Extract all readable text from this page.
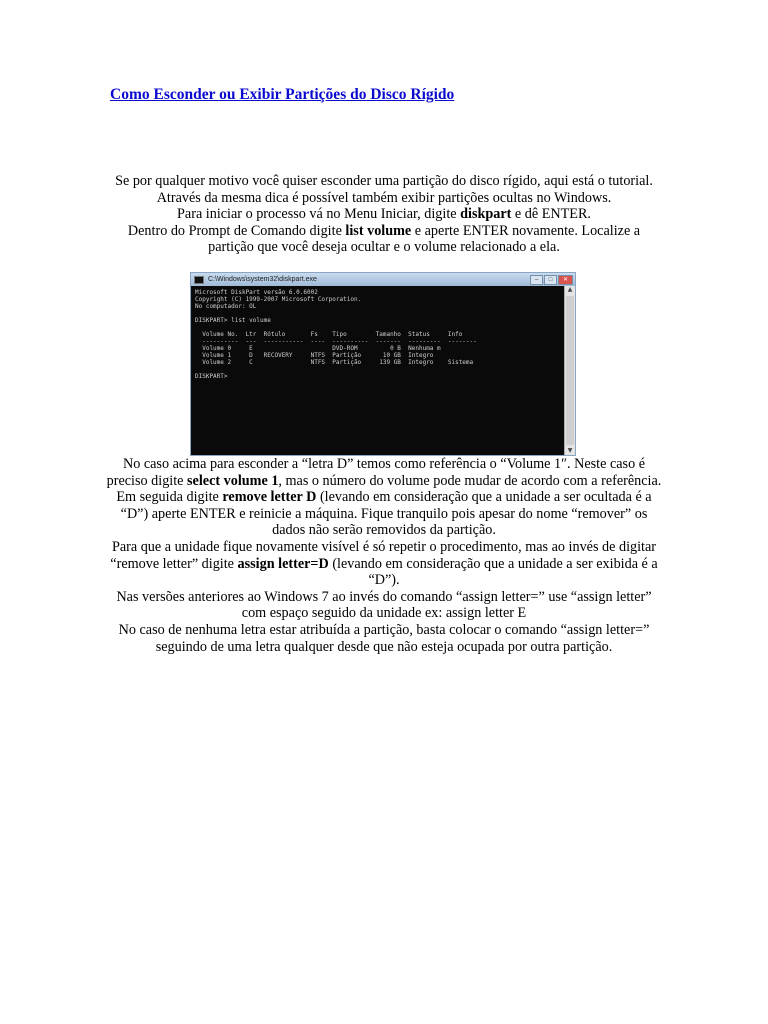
Como Esconder ou Exibir Partições do Disco Rígido

Se por qualquer motivo você quiser esconder uma partição do disco rígido, aqui está o tutorial. Através da mesma dica é possível também exibir partições ocultas no Windows.

Para iniciar o processo vá no Menu Iniciar, digite diskpart e dê ENTER.

Dentro do Prompt de Comando digite list volume e aperte ENTER novamente. Localize a partição que você deseja ocultar e o volume relacionado a ela.

C:\Windows\system32\diskpart.exe	–	□	✕
Microsoft DiskPart versão 6.0.6002
Copyright (C) 1999-2007 Microsoft Corporation.
No computador: OL

DISKPART> list volume

Volume No.  Ltr  Rótulo       Fs    Tipo        Tamanho  Status     Info
----------  ---  -----------  ----  ----------  -------  ---------  --------
Volume 0     E                      DVD-ROM         0 B  Nenhuma m
Volume 1     D   RECOVERY     NTFS  Partição      10 GB  Integro
Volume 2     C                NTFS  Partição     139 GB  Integro    Sistema

DISKPART>
▲
▼

No caso acima para esconder a “letra D” temos como referência o “Volume 1″. Neste caso é preciso digite select volume 1, mas o número do volume pode mudar de acordo com a referência.

Em seguida digite remove letter D (levando em consideração que a unidade a ser ocultada é a “D”) aperte ENTER e reinicie a máquina. Fique tranquilo pois apesar do nome “remover” os dados não serão removidos da partição.

Para que a unidade fique novamente visível é só repetir o procedimento, mas ao invés de digitar “remove letter” digite assign letter=D (levando em consideração que a unidade a ser exibida é a “D”).

Nas versões anteriores ao Windows 7 ao invés do comando “assign letter=” use “assign letter” com espaço seguido da unidade ex: assign letter E

No caso de nenhuma letra estar atribuída a partição, basta colocar o comando “assign letter=” seguindo de uma letra qualquer desde que não esteja ocupada por outra partição.
